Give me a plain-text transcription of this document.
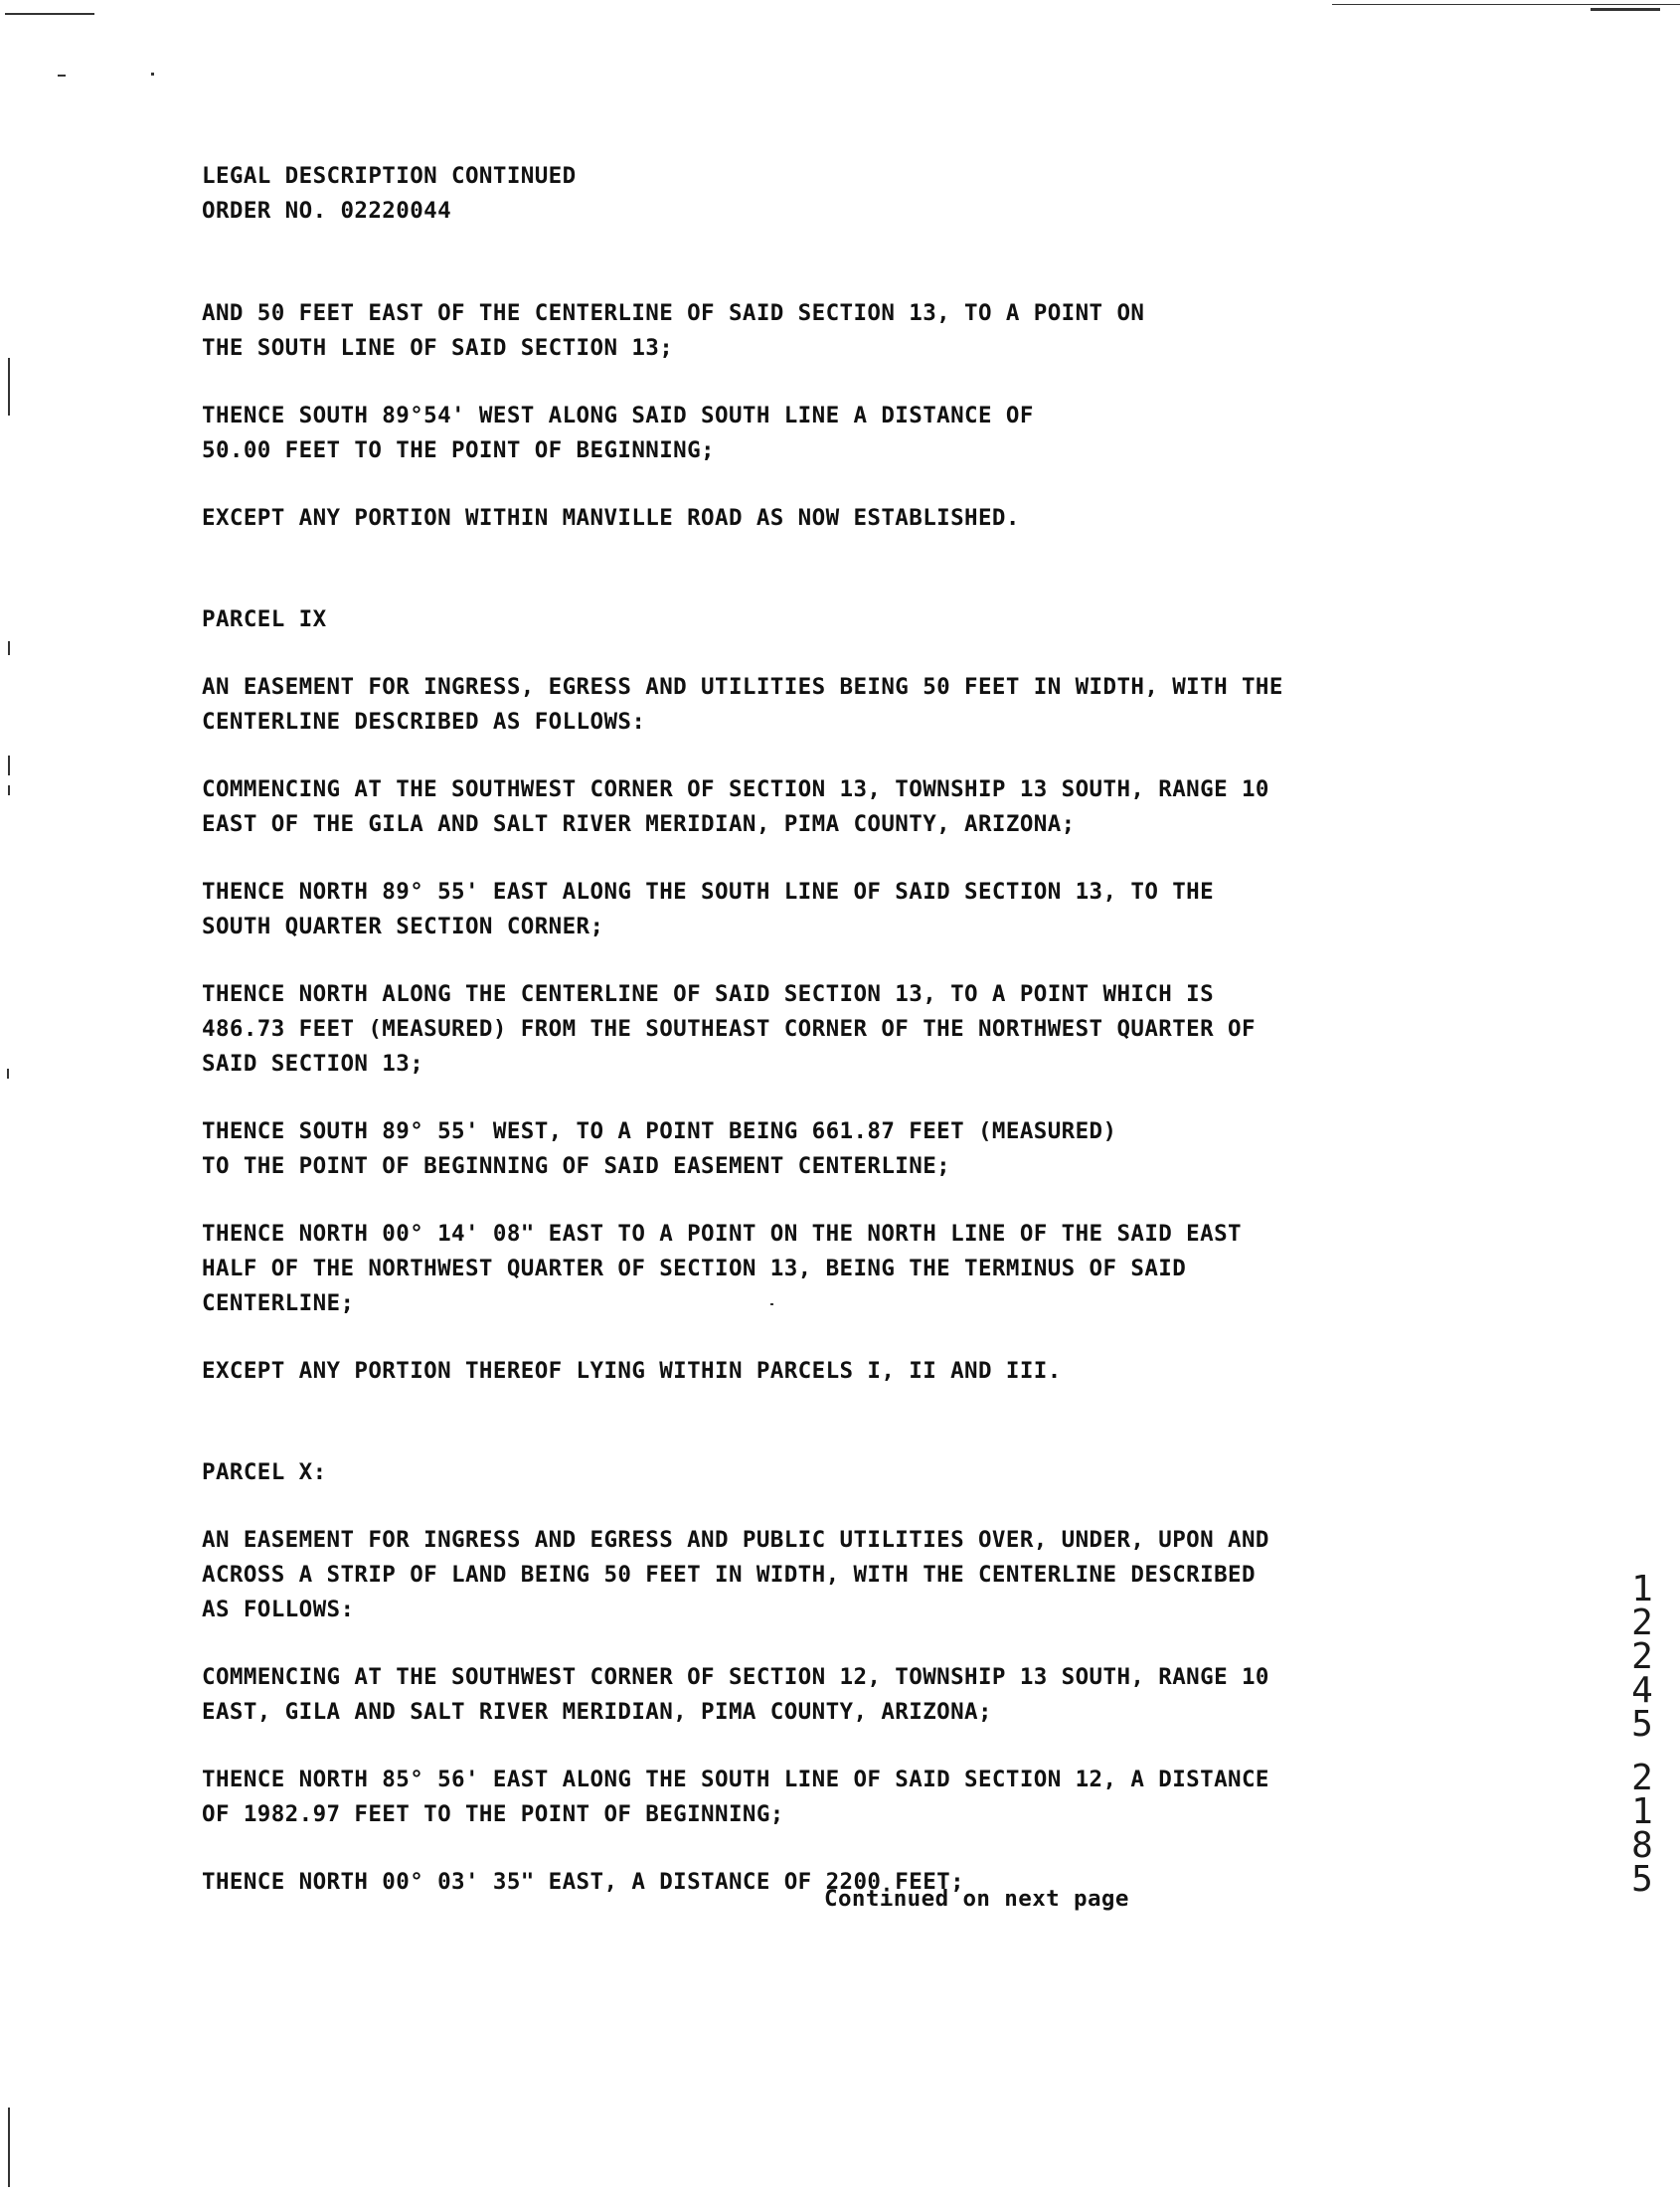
LEGAL DESCRIPTION CONTINUED

ORDER NO. 02220044

AND 50 FEET EAST OF THE CENTERLINE OF SAID SECTION 13, TO A POINT ON

THE SOUTH LINE OF SAID SECTION 13;

THENCE SOUTH 89°54' WEST ALONG SAID SOUTH LINE A DISTANCE OF

50.00 FEET TO THE POINT OF BEGINNING;

EXCEPT ANY PORTION WITHIN MANVILLE ROAD AS NOW ESTABLISHED.

PARCEL IX

AN EASEMENT FOR INGRESS, EGRESS AND UTILITIES BEING 50 FEET IN WIDTH, WITH THE

CENTERLINE DESCRIBED AS FOLLOWS:

COMMENCING AT THE SOUTHWEST CORNER OF SECTION 13, TOWNSHIP 13 SOUTH, RANGE 10

EAST OF THE GILA AND SALT RIVER MERIDIAN, PIMA COUNTY, ARIZONA;

THENCE NORTH 89° 55' EAST ALONG THE SOUTH LINE OF SAID SECTION 13, TO THE

SOUTH QUARTER SECTION CORNER;

THENCE NORTH ALONG THE CENTERLINE OF SAID SECTION 13, TO A POINT WHICH IS

486.73 FEET (MEASURED) FROM THE SOUTHEAST CORNER OF THE NORTHWEST QUARTER OF

SAID SECTION 13;

THENCE SOUTH 89° 55' WEST, TO A POINT BEING 661.87 FEET (MEASURED)

TO THE POINT OF BEGINNING OF SAID EASEMENT CENTERLINE;

THENCE NORTH 00° 14' 08" EAST TO A POINT ON THE NORTH LINE OF THE SAID EAST

HALF OF THE NORTHWEST QUARTER OF SECTION 13, BEING THE TERMINUS OF SAID

CENTERLINE;

EXCEPT ANY PORTION THEREOF LYING WITHIN PARCELS I, II AND III.

PARCEL X:

AN EASEMENT FOR INGRESS AND EGRESS AND PUBLIC UTILITIES OVER, UNDER, UPON AND

ACROSS A STRIP OF LAND BEING 50 FEET IN WIDTH, WITH THE CENTERLINE DESCRIBED

AS FOLLOWS:

COMMENCING AT THE SOUTHWEST CORNER OF SECTION 12, TOWNSHIP 13 SOUTH, RANGE 10

EAST, GILA AND SALT RIVER MERIDIAN, PIMA COUNTY, ARIZONA;

THENCE NORTH 85° 56' EAST ALONG THE SOUTH LINE OF SAID SECTION 12, A DISTANCE

OF 1982.97 FEET TO THE POINT OF BEGINNING;

THENCE NORTH 00° 03' 35" EAST, A DISTANCE OF 2200 FEET;

Continued on next page
1
2
2
4
5
2
1
8
5
